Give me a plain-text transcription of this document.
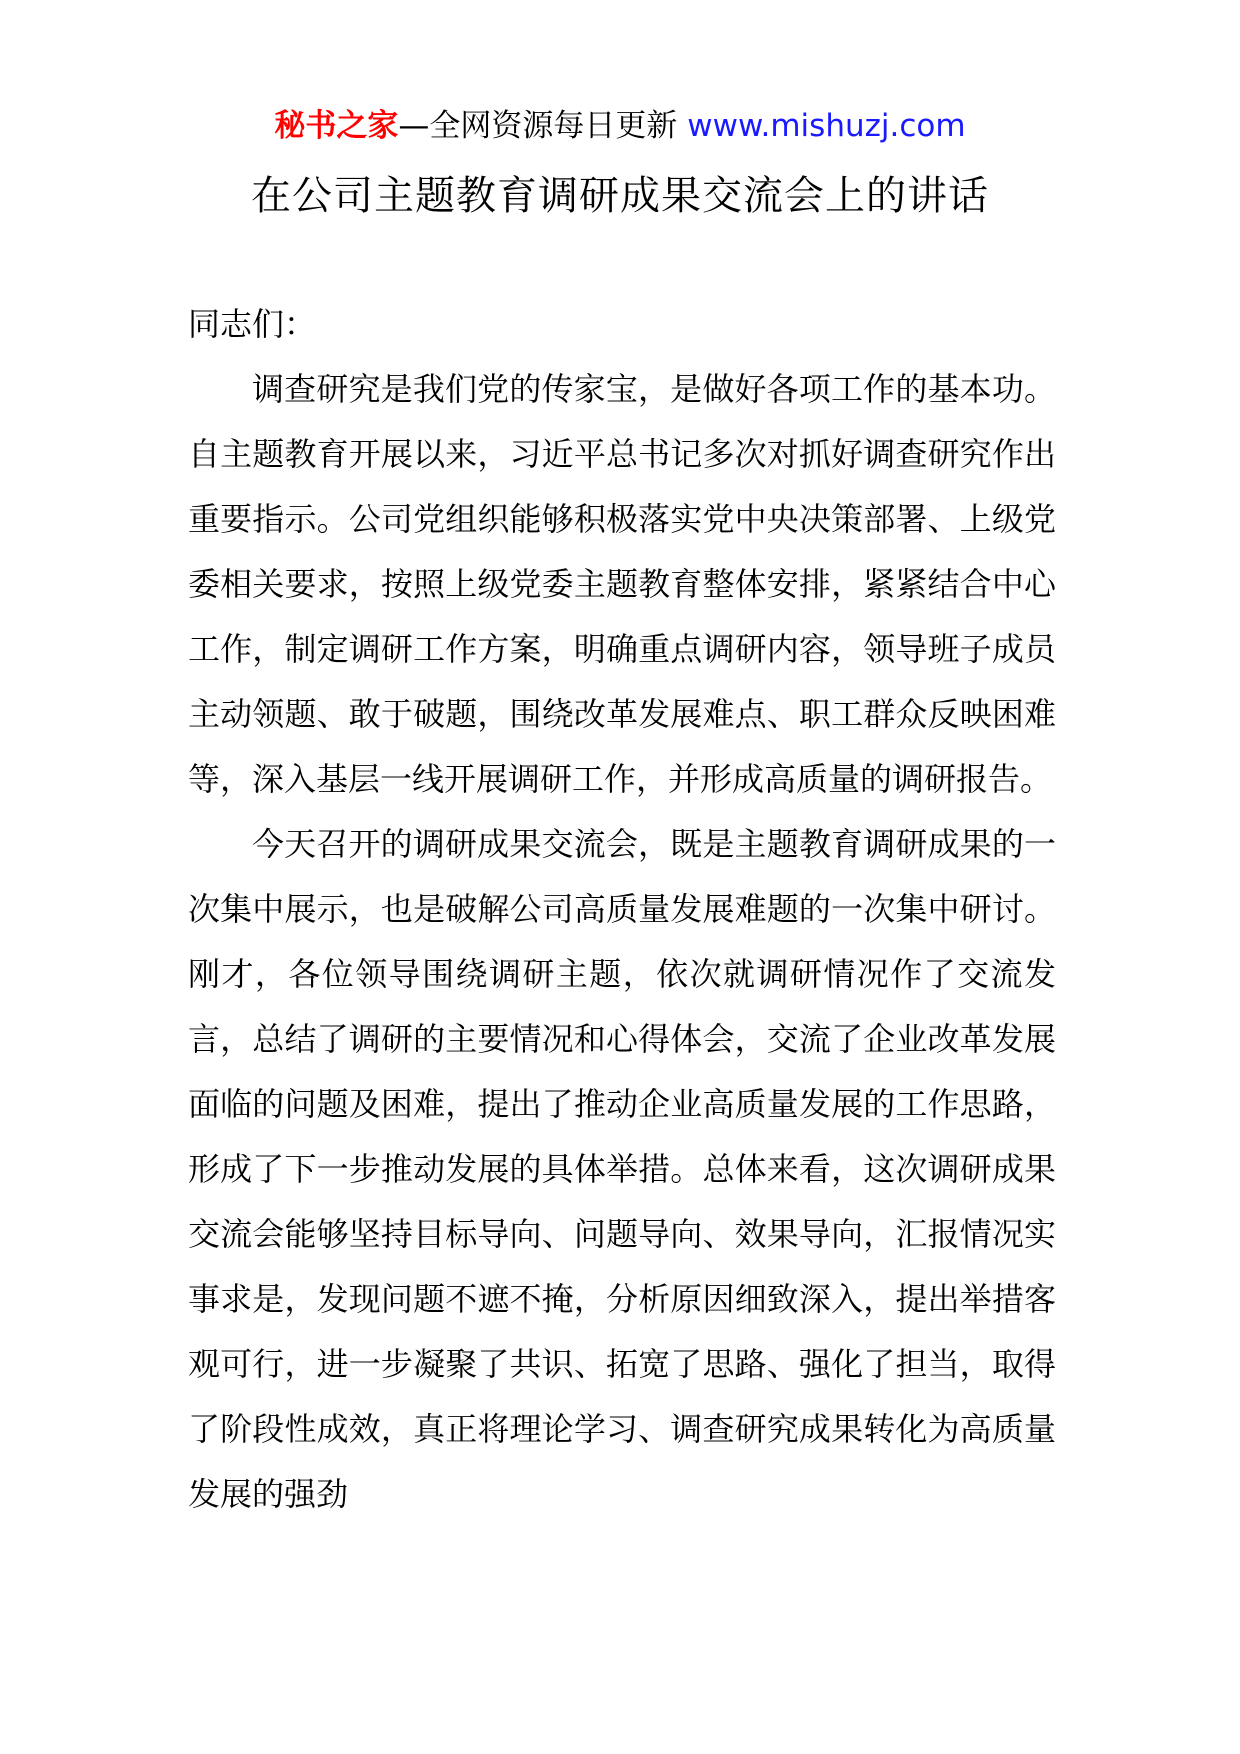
秘书之家—全网资源每日更新 www.mishuzj.com
在公司主题教育调研成果交流会上的讲话

同志们：

调查研究是我们党的传家宝，是做好各项工作的基本功。自主题教育开展以来，习近平总书记多次对抓好调查研究作出重要指示。公司党组织能够积极落实党中央决策部署、上级党委相关要求，按照上级党委主题教育整体安排，紧紧结合中心工作，制定调研工作方案，明确重点调研内容，领导班子成员主动领题、敢于破题，围绕改革发展难点、职工群众反映困难等，深入基层一线开展调研工作，并形成高质量的调研报告。

今天召开的调研成果交流会，既是主题教育调研成果的一次集中展示，也是破解公司高质量发展难题的一次集中研讨。刚才，各位领导围绕调研主题，依次就调研情况作了交流发言，总结了调研的主要情况和心得体会，交流了企业改革发展面临的问题及困难，提出了推动企业高质量发展的工作思路，形成了下一步推动发展的具体举措。总体来看，这次调研成果交流会能够坚持目标导向、问题导向、效果导向，汇报情况实事求是，发现问题不遮不掩，分析原因细致深入，提出举措客观可行，进一步凝聚了共识、拓宽了思路、强化了担当，取得了阶段性成效，真正将理论学习、调查研究成果转化为高质量发展的强劲
